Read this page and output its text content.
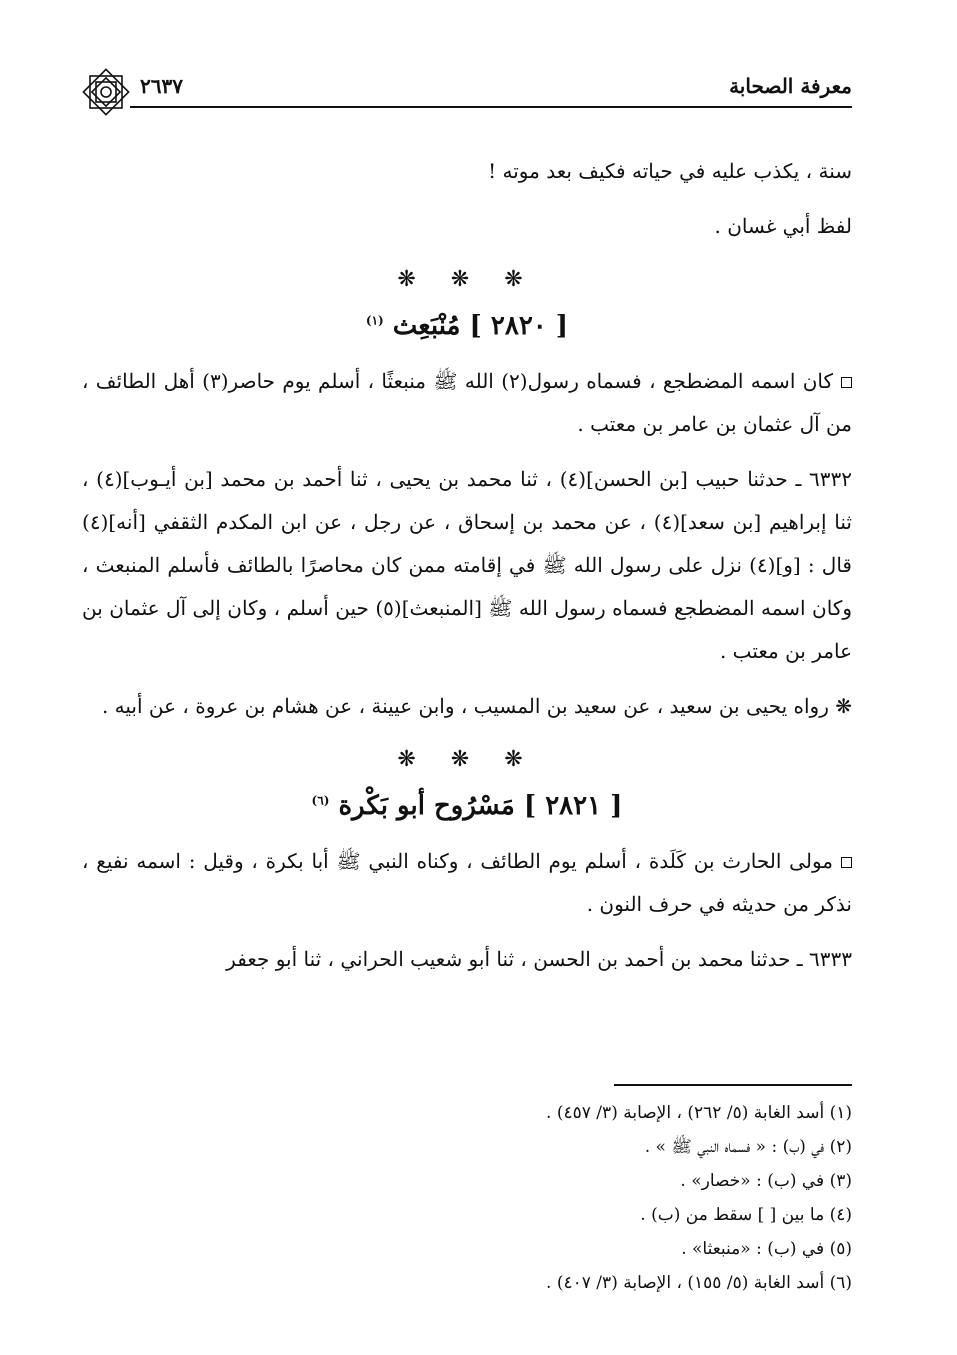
معرفة الصحابة
٢٦٣٧

سنة ، يكذب عليه في حياته فكيف بعد موته !

لفظ أبي غسان .

❋ ❋ ❋
[ ٢٨٢٠ ] مُنْبَعِث $^{(١)}$

كان اسمه المضطجع ، فسماه رسول(٢) الله ﷺ منبعثًا ، أسلم يوم حاصر(٣) أهل الطائف ، من آل عثمان بن عامر بن معتب .

٦٣٣٢ ـ حدثنا حبيب [بن الحسن](٤) ، ثنا محمد بن يحيى ، ثنا أحمد بن محمد [بن أيـوب](٤) ، ثنا إبراهيم [بن سعد](٤) ، عن محمد بن إسحاق ، عن رجل ، عن ابن المكدم الثقفي [أنه](٤) قال : [و](٤) نزل على رسول الله ﷺ في إقامته ممن كان محاصرًا بالطائف فأسلم المنبعث ، وكان اسمه المضطجع فسماه رسول الله ﷺ [المنبعث](٥) حين أسلم ، وكان إلى آل عثمان بن عامر بن معتب .

❋ رواه يحيى بن سعيد ، عن سعيد بن المسيب ، وابن عيينة ، عن هشام بن عروة ، عن أبيه .

❋ ❋ ❋
[ ٢٨٢١ ] مَسْرُوح أبو بَكْرة $^{(٦)}$

مولى الحارث بن كَلَدة ، أسلم يوم الطائف ، وكناه النبي ﷺ أبا بكرة ، وقيل : اسمه نفيع ، نذكر من حديثه في حرف النون .

٦٣٣٣ ـ حدثنا محمد بن أحمد بن الحسن ، ثنا أبو شعيب الحراني ، ثنا أبو جعفر

(١) أسد الغابة (٥/ ٢٦٢) ، الإصابة (٣/ ٤٥٧) .
(٢) في (ب) : « فسماه النبي ﷺ » .
(٣) في (ب) : «خصار» .
(٤) ما بين [ ] سقط من (ب) .
(٥) في (ب) : «منبعثا» .
(٦) أسد الغابة (٥/ ١٥٥) ، الإصابة (٣/ ٤٠٧) .
